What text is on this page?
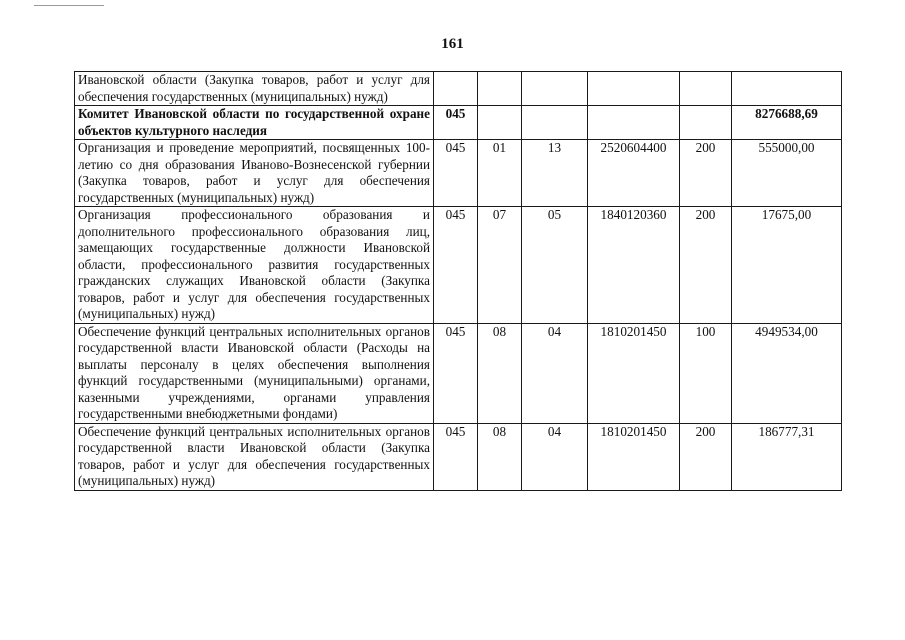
161
Ивановской области (Закупка товаров, работ и услуг для обеспечения государственных (муниципальных) нужд)						
Комитет Ивановской области по государственной охране объектов культурного наследия	045					8276688,69
Организация и проведение мероприятий, посвященных 100-летию со дня образования Иваново-Вознесенской губернии (Закупка товаров, работ и услуг для обеспечения государственных (муниципальных) нужд)	045	01	13	2520604400	200	555000,00
Организация профессионального образования и дополнительного профессионального образования лиц, замещающих государственные должности Ивановской области, профессионального развития государственных гражданских служащих Ивановской области (Закупка товаров, работ и услуг для обеспечения государственных (муниципальных) нужд)	045	07	05	1840120360	200	17675,00
Обеспечение функций центральных исполнительных органов государственной власти Ивановской области (Расходы на выплаты персоналу в целях обеспечения выполнения функций государственными (муниципальными) органами, казенными учреждениями, органами управления государственными внебюджетными фондами)	045	08	04	1810201450	100	4949534,00
Обеспечение функций центральных исполнительных органов государственной власти Ивановской области (Закупка товаров, работ и услуг для обеспечения государственных (муниципальных) нужд)	045	08	04	1810201450	200	186777,31
